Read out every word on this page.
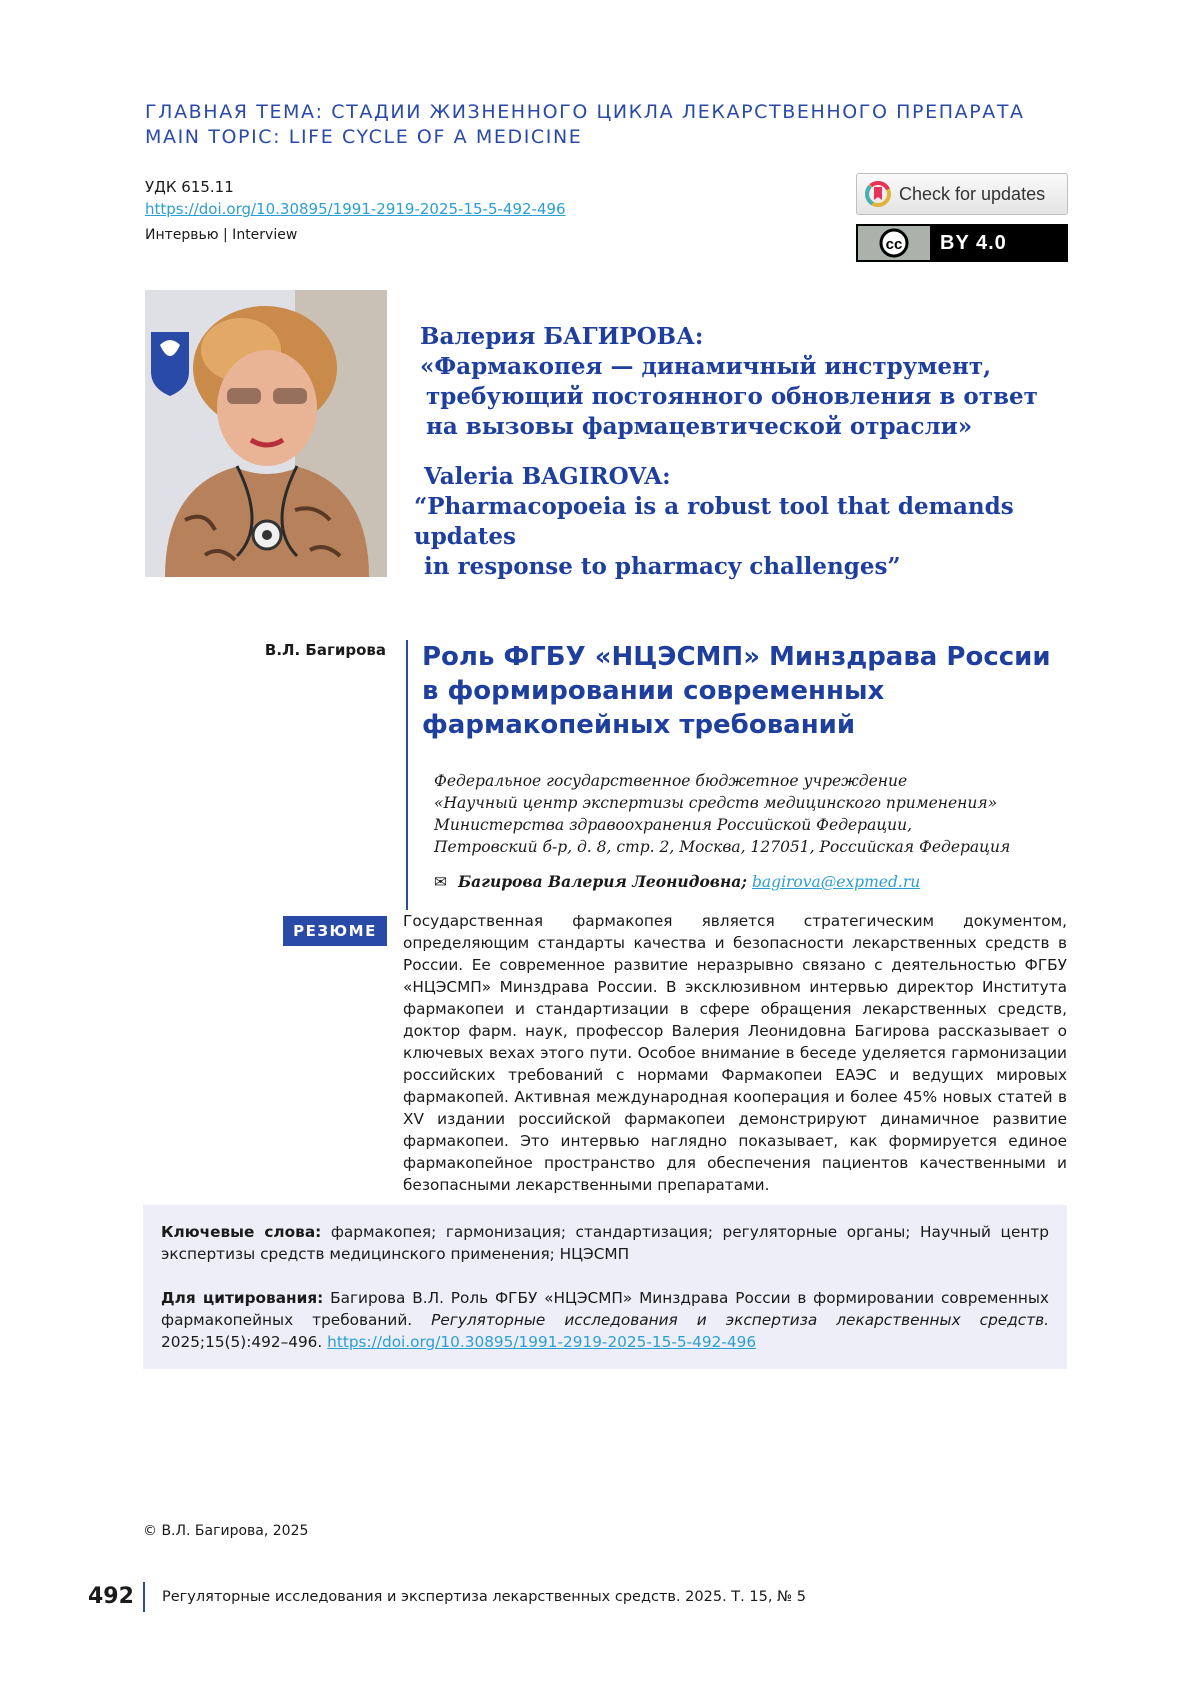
ГЛАВНАЯ ТЕМА: СТАДИИ ЖИЗНЕННОГО ЦИКЛА ЛЕКАРСТВЕННОГО ПРЕПАРАТА
MAIN TOPIC: LIFE CYCLE OF A MEDICINE
УДК 615.11
https://doi.org/10.30895/1991-2919-2025-15-5-492-496
Интервью | Interview
Check for updates
cc BY 4.0

Валерия БАГИРОВА:

«Фармакопея — динамичный инструмент,

требующий постоянного обновления в ответ

на вызовы фармацевтической отрасли»

Valeria BAGIROVA:

“Pharmacopoeia is a robust tool that demands updates

in response to pharmacy challenges”

В.Л. Багирова Роль ФГБУ «НЦЭСМП» Минздрава России
в формировании современных
фармакопейных требований
Федеральное государственное бюджетное учреждение
«Научный центр экспертизы средств медицинского применения»
Министерства здравоохранения Российской Федерации,
Петровский б-р, д. 8, стр. 2, Москва, 127051, Российская Федерация
✉ Багирова Валерия Леонидовна; bagirova@expmed.ru
РЕЗЮМЕ
Государственная фармакопея является стратегическим документом, определяющим стандарты качества и безопасности лекарственных средств в России. Ее современное развитие неразрывно связано с деятельностью ФГБУ «НЦЭСМП» Минздрава России. В эксклюзивном интервью директор Института фармакопеи и стандартизации в сфере обращения лекарственных средств, доктор фарм. наук, профессор Валерия Леонидовна Багирова рассказывает о ключевых вехах этого пути. Особое внимание в беседе уделяется гармонизации российских требований с нормами Фармакопеи ЕАЭС и ведущих мировых фармакопей. Активная международная кооперация и более 45% новых статей в XV издании российской фармакопеи демонстрируют динамичное развитие фармакопеи. Это интервью наглядно показывает, как формируется единое фармакопейное пространство для обеспечения пациентов качественными и безопасными лекарственными препаратами.

Ключевые слова: фармакопея; гармонизация; стандартизация; регуляторные органы; Научный центр экспертизы средств медицинского применения; НЦЭСМП

Для цитирования: Багирова В.Л. Роль ФГБУ «НЦЭСМП» Минздрава России в формировании современных фармакопейных требований. Регуляторные исследования и экспертиза лекарственных средств. 2025;15(5):492–496. https://doi.org/10.30895/1991-2919-2025-15-5-492-496

© В.Л. Багирова, 2025
492 Регуляторные исследования и экспертиза лекарственных средств. 2025. Т. 15, № 5
